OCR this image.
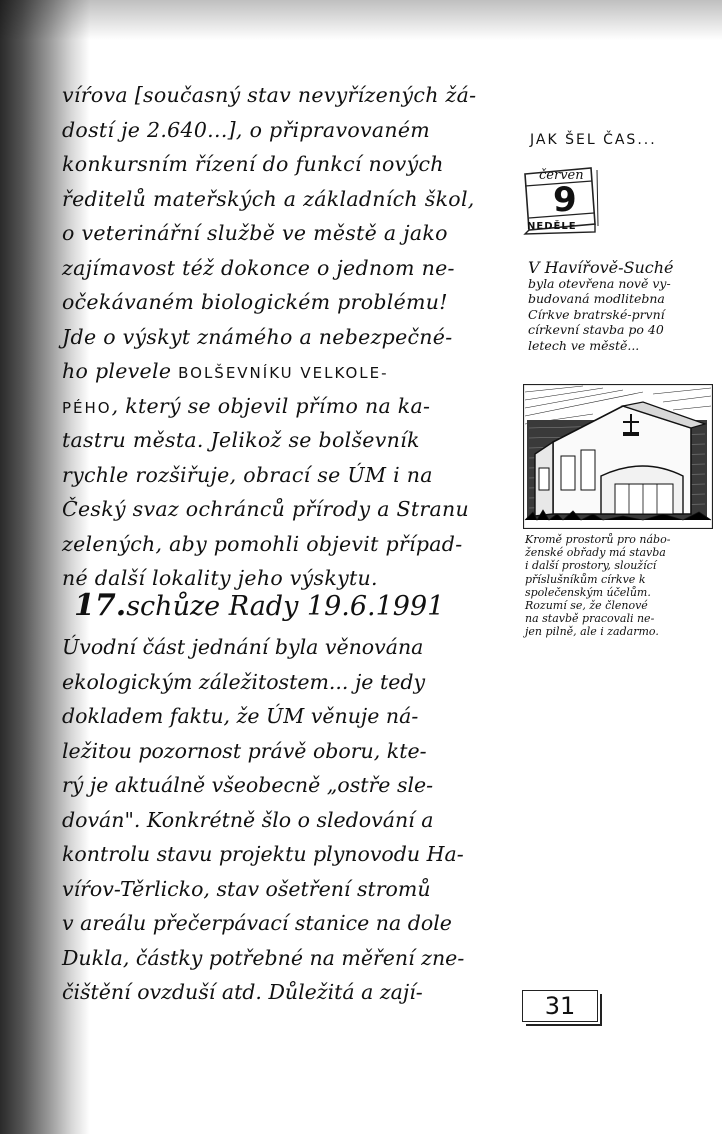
víŕova [současný stav nevyřízených žá-
dostí je 2.640...], o připravovaném
konkursním řízení do funkcí nových
ředitelů mateřských a základních škol,
o veterinářní službě ve městě a jako
zajímavost též dokonce o jednom ne-
očekávaném biologickém problému!
Jde o výskyt známého a nebezpečné-
ho plevele BOLŠEVNÍKU VELKOLE-
PÉHO, který se objevil přímo na ka-
tastru města. Jelikož se bolševník
rychle rozšiřuje, obrací se ÚM i na
Český svaz ochránců přírody a Stranu
zelených, aby pomohli objevit případ-
né další lokality jeho výskytu.
17.schůze Rady 19.6.1991
Úvodní část jednání byla věnována
ekologickým záležitostem... je tedy
dokladem faktu, že ÚM věnuje ná-
ležitou pozornost právě oboru, kte-
rý je aktuálně všeobecně „ostře sle-
dován". Konkrétně šlo o sledování a
kontrolu stavu projektu plynovodu Ha-
víŕov-Těrlicko, stav ošetření stromů
v areálu přečerpávací stanice na dole
Dukla, částky potřebné na měření zne-
čištění ovzduší atd. Důležitá a zají-
JAK ŠEL ČAS...
červen
9
NEDĚLE
V Havířově-Suché
byla otevřena nově vy-
budovaná modlitebna
Církve bratrské-první
církevní stavba po 40
letech ve městě...
Kromě prostorů pro nábo-
ženské obřady má stavba
i další prostory, sloužící
příslušníkům církve k
společenským účelům.
Rozumí se, že členové
na stavbě pracovali ne-
jen pilně, ale i zadarmo.
31
